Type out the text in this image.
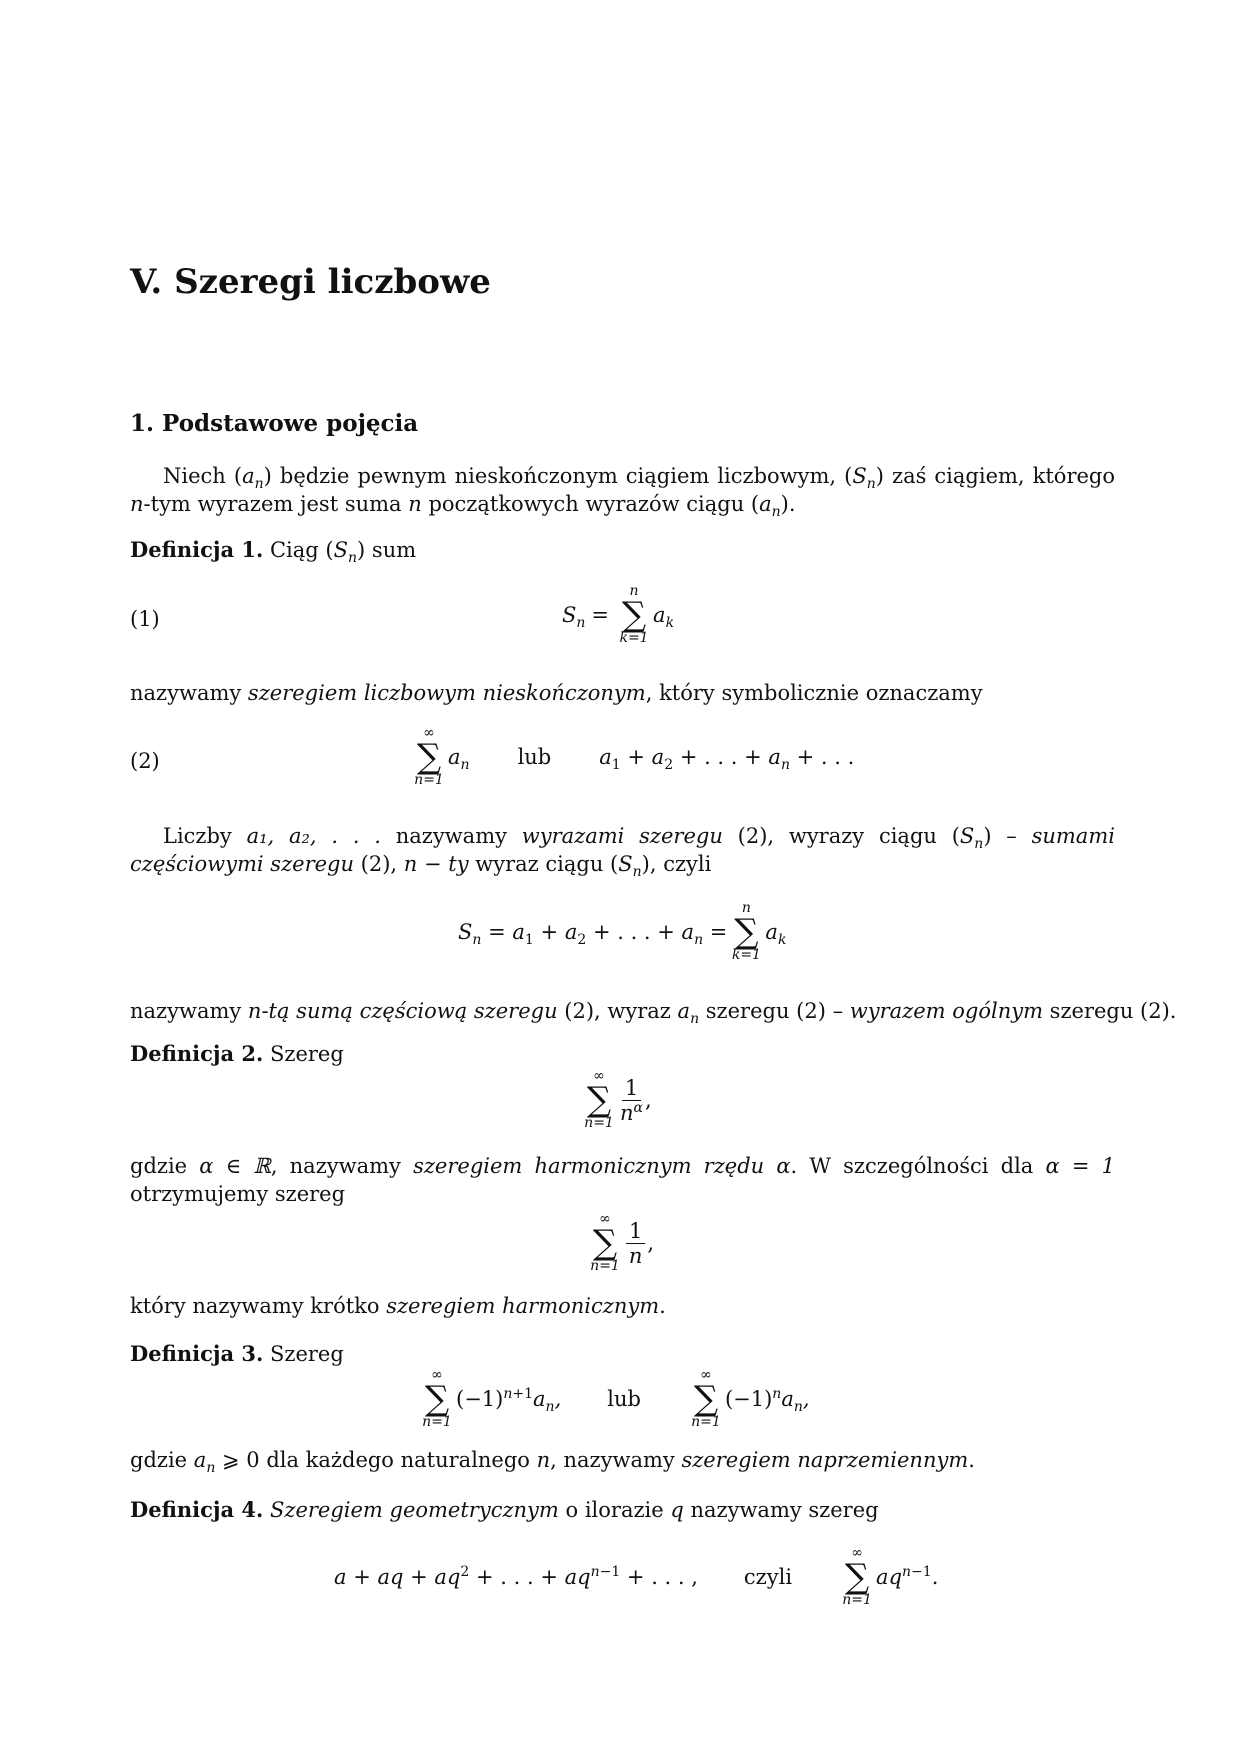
V. Szeregi liczbowe
1. Podstawowe pojęcia
Niech $(a_n)$ będzie pewnym nieskończonym ciągiem liczbowym, $(S_n)$ zaś ciągiem, którego n-tym wyrazem jest suma n początkowych wyrazów ciągu $(a_n)$.
Definicja 1. Ciąg $(S_n)$ sum
(1)	$S_n$ =
n
∑
k=1
$a_k$
nazywamy szeregiem liczbowym nieskończonym, który symbolicznie oznaczamy
(2)
∞
∑
n=1
$a_n$ lub $a_1 + a_2$ + . . . + $a_n$ + . . .
Liczby a₁, a₂, . . . nazywamy wyrazami szeregu (2), wyrazy ciągu $(S_n)$ – sumami częściowymi szeregu (2), n − ty wyraz ciągu $(S_n)$, czyli
$S_n = a_1 + a_2$ + . . . + $a_n$ =
n
∑
k=1
$a_k$
nazywamy n-tą sumą częściową szeregu (2), wyraz $a_n$ szeregu (2) – wyrazem ogólnym szeregu (2).
Definicja 2. Szereg
∞
∑
$n=1 \frac{1}{n^\alpha}$ ,
gdzie α ∈ ℝ, nazywamy szeregiem harmonicznym rzędu α. W szczególności dla α = 1 otrzymujemy szereg
∞
∑
$n=1 \frac{1}{n}$ ,
który nazywamy krótko szeregiem harmonicznym.
Definicja 3. Szereg
∞
∑
n=1
$(-1)^{n+1}a_n$, lub
∞
∑
n=1
$(-1)^na_n$,
gdzie $a_n$ ⩾ 0 dla każdego naturalnego n, nazywamy szeregiem naprzemiennym.
Definicja 4. Szeregiem geometrycznym o ilorazie q nazywamy szereg
a + aq + $aq^2$ + . . . + $aq^{n-1}$ + . . . , czyli
∞
∑
n=1
$aq^{n-1}$.
